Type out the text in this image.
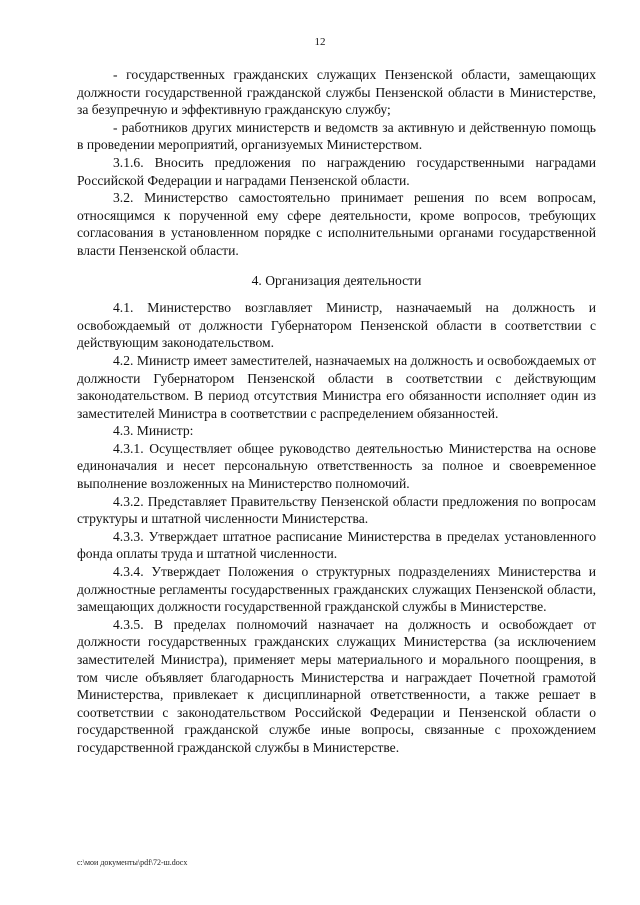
12

- государственных гражданских служащих Пензенской области, замещающих должности государственной гражданской службы Пензенской области в Министерстве, за безупречную и эффективную гражданскую службу;

- работников других министерств и ведомств за активную и действенную помощь в проведении мероприятий, организуемых Министерством.

3.1.6. Вносить предложения по награждению государственными наградами Российской Федерации и наградами Пензенской области.

3.2. Министерство самостоятельно принимает решения по всем вопросам, относящимся к порученной ему сфере деятельности, кроме вопросов, требующих согласования в установленном порядке с исполнительными органами государственной власти Пензенской области.

4. Организация деятельности

4.1. Министерство возглавляет Министр, назначаемый на должность и освобождаемый от должности Губернатором Пензенской области в соответствии с действующим законодательством.

4.2. Министр имеет заместителей, назначаемых на должность и освобождаемых от должности Губернатором Пензенской области в соответствии с действующим законодательством. В период отсутствия Министра его обязанности исполняет один из заместителей Министра в соответствии с распределением обязанностей.

4.3. Министр:

4.3.1. Осуществляет общее руководство деятельностью Министерства на основе единоначалия и несет персональную ответственность за полное и своевременное выполнение возложенных на Министерство полномочий.

4.3.2. Представляет Правительству Пензенской области предложения по вопросам структуры и штатной численности Министерства.

4.3.3. Утверждает штатное расписание Министерства в пределах установленного фонда оплаты труда и штатной численности.

4.3.4. Утверждает Положения о структурных подразделениях Министерства и должностные регламенты государственных гражданских служащих Пензенской области, замещающих должности государственной гражданской службы в Министерстве.

4.3.5. В пределах полномочий назначает на должность и освобождает от должности государственных гражданских служащих Министерства (за исключением заместителей Министра), применяет меры материального и морального поощрения, в том числе объявляет благодарность Министерства и награждает Почетной грамотой Министерства, привлекает к дисциплинарной ответственности, а также решает в соответствии с законодательством Российской Федерации и Пензенской области о государственной гражданской службе иные вопросы, связанные с прохождением государственной гражданской службы в Министерстве.

c:\мои документы\pdf\72-ш.docx
